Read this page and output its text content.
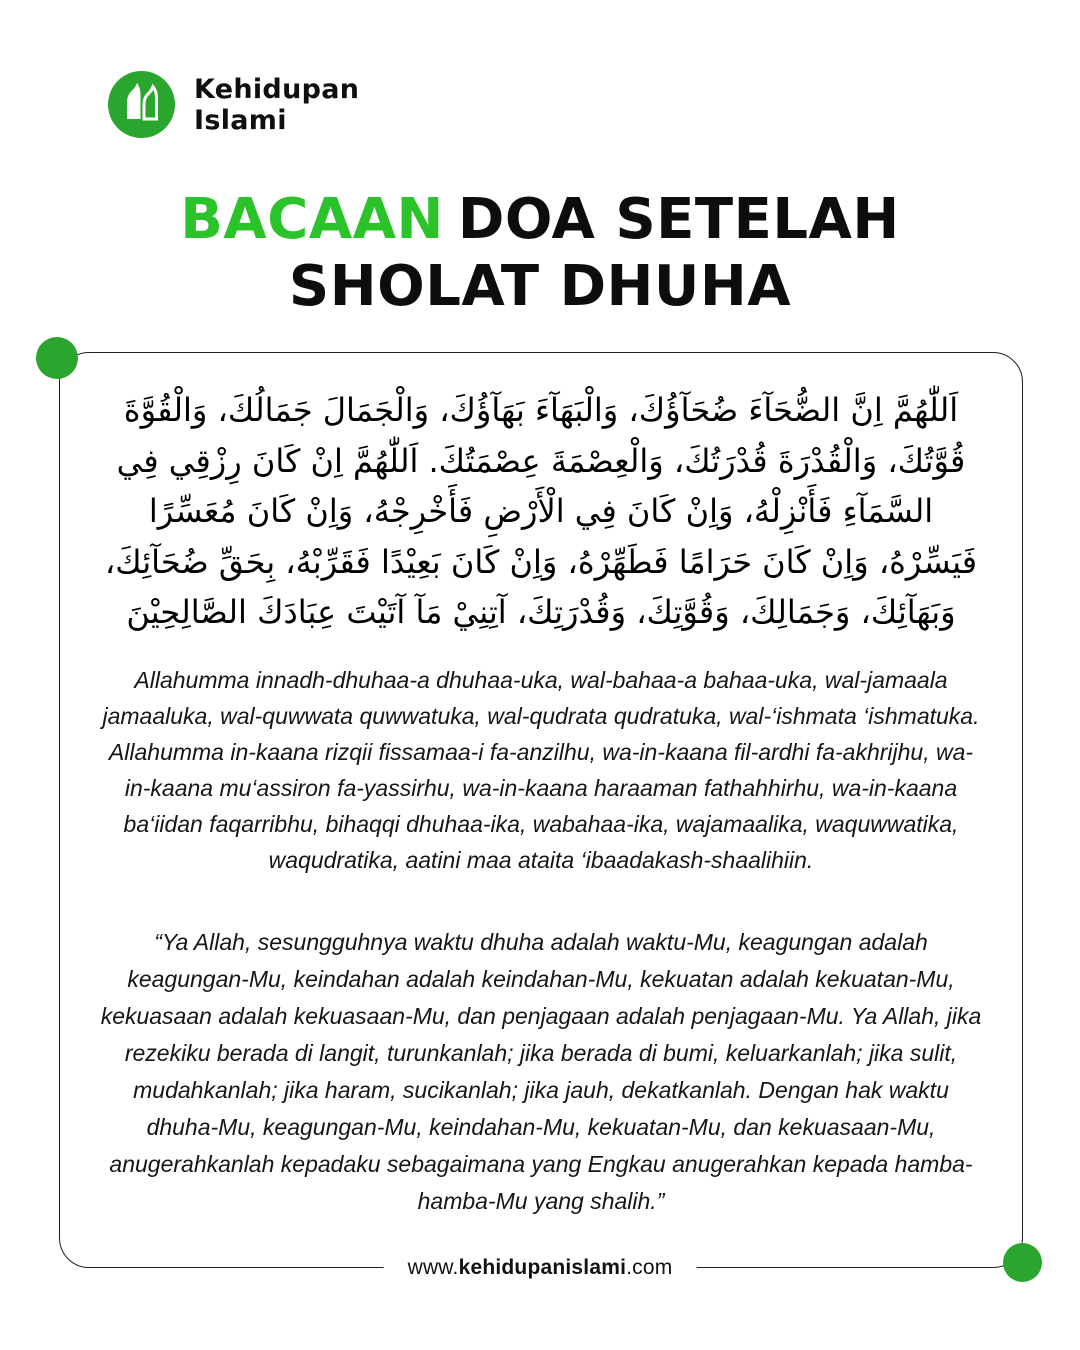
Kehidupan
Islami
BACAAN DOA SETELAH
SHOLAT DHUHA

اَللّٰهُمَّ اِنَّ الضُّحَآءَ ضُحَآؤُكَ، وَالْبَهَآءَ بَهَآؤُكَ، وَالْجَمَالَ جَمَالُكَ، وَالْقُوَّةَ قُوَّتُكَ، وَالْقُدْرَةَ قُدْرَتُكَ، وَالْعِصْمَةَ عِصْمَتُكَ. اَللّٰهُمَّ اِنْ كَانَ رِزْقِي فِي السَّمَآءِ فَأَنْزِلْهُ، وَاِنْ كَانَ فِي الْأَرْضِ فَأَخْرِجْهُ، وَاِنْ كَانَ مُعَسِّرًا فَيَسِّرْهُ، وَاِنْ كَانَ حَرَامًا فَطَهِّرْهُ، وَاِنْ كَانَ بَعِيْدًا فَقَرِّبْهُ، بِحَقِّ ضُحَآئِكَ، وَبَهَآئِكَ، وَجَمَالِكَ، وَقُوَّتِكَ، وَقُدْرَتِكَ، آتِنِيْ مَآ آتَيْتَ عِبَادَكَ الصَّالِحِيْنَ

Allahumma innadh-dhuhaa-a dhuhaa-uka, wal-bahaa-a bahaa-uka, wal-jamaala jamaaluka, wal-quwwata quwwatuka, wal-qudrata qudratuka, wal-‘ishmata ‘ishmatuka. Allahumma in-kaana rizqii fissamaa-i fa-anzilhu, wa-in-kaana fil-ardhi fa-akhrijhu, wa-in-kaana mu‘assiron fa-yassirhu, wa-in-kaana haraaman fathahhirhu, wa-in-kaana ba‘iidan faqarribhu, bihaqqi dhuhaa-ika, wabahaa-ika, wajamaalika, waquwwatika, waqudratika, aatini maa ataita ‘ibaadakash-shaalihiin.

“Ya Allah, sesungguhnya waktu dhuha adalah waktu-Mu, keagungan adalah keagungan-Mu, keindahan adalah keindahan-Mu, kekuatan adalah kekuatan-Mu, kekuasaan adalah kekuasaan-Mu, dan penjagaan adalah penjagaan-Mu. Ya Allah, jika rezekiku berada di langit, turunkanlah; jika berada di bumi, keluarkanlah; jika sulit, mudahkanlah; jika haram, sucikanlah; jika jauh, dekatkanlah. Dengan hak waktu dhuha-Mu, keagungan-Mu, keindahan-Mu, kekuatan-Mu, dan kekuasaan-Mu, anugerahkanlah kepadaku sebagaimana yang Engkau anugerahkan kepada hamba-hamba-Mu yang shalih.”

www.kehidupanislami.com
